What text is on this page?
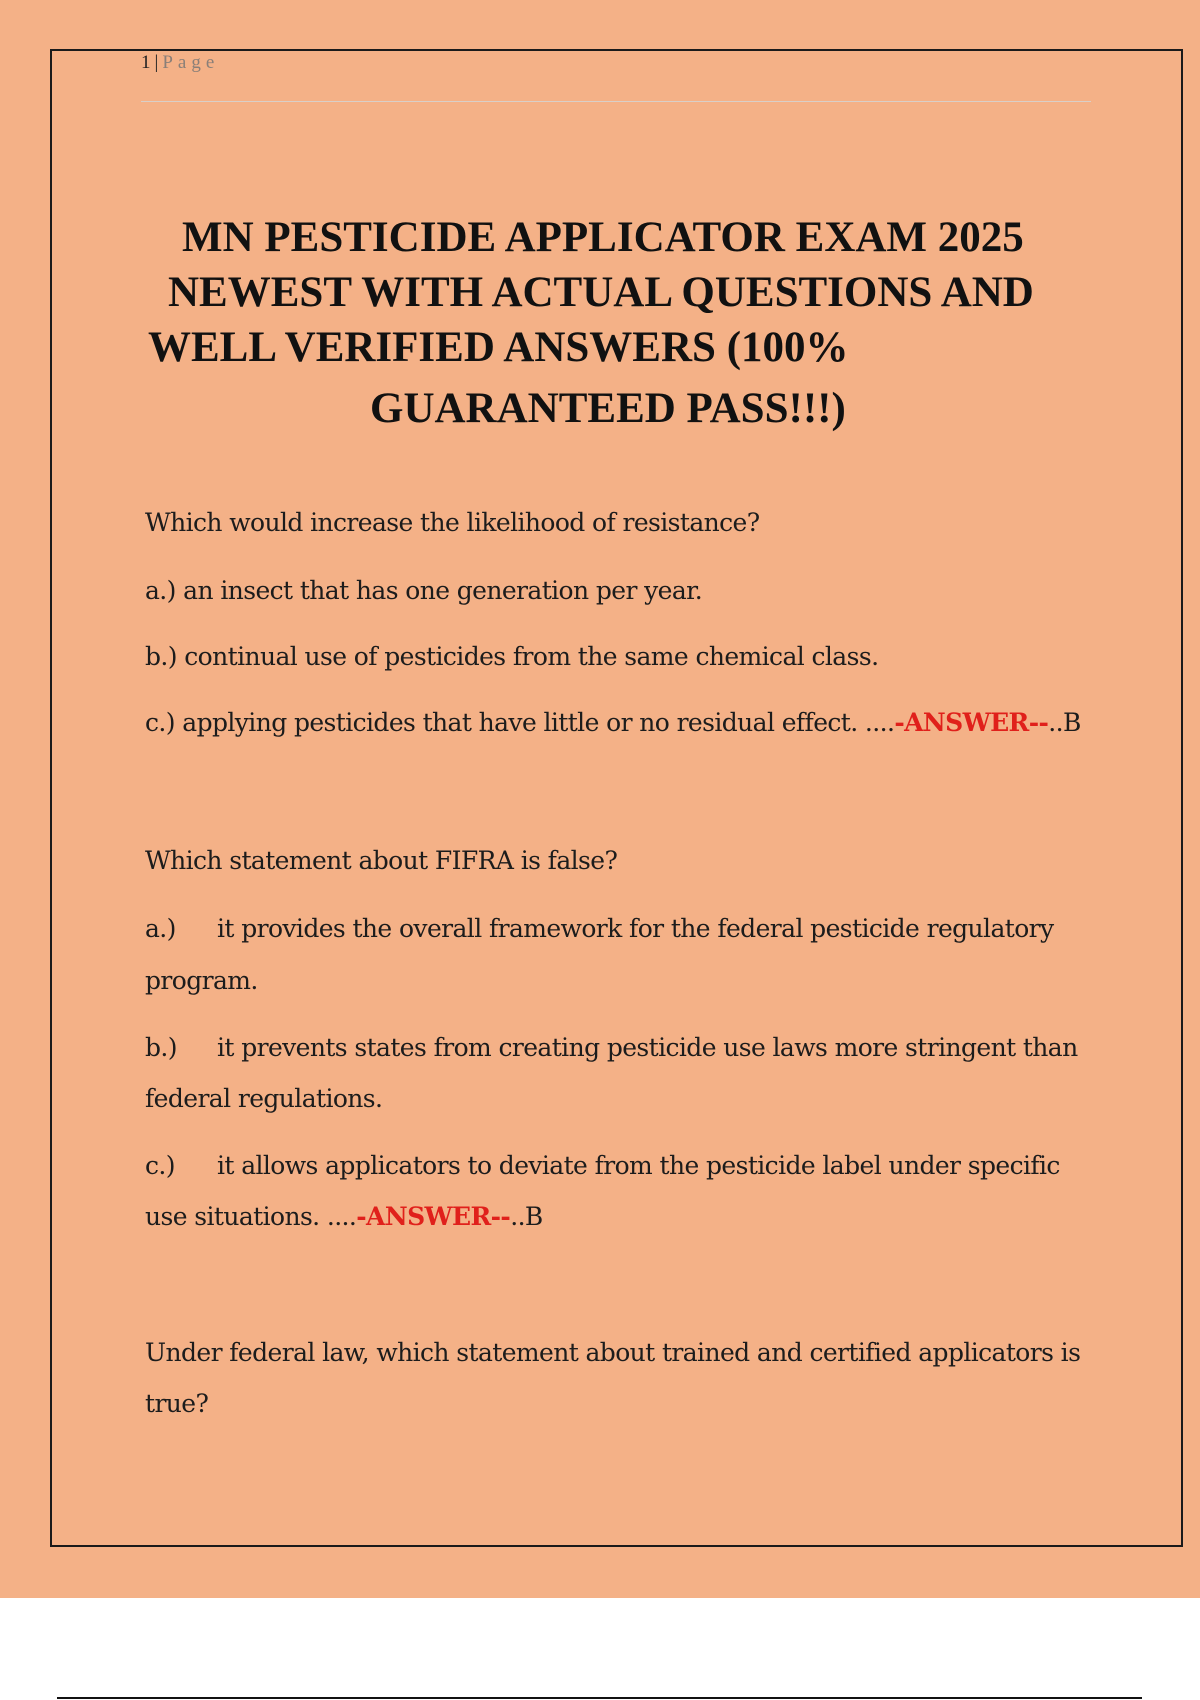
1 | Page
MN PESTICIDE APPLICATOR EXAM 2025
NEWEST WITH ACTUAL QUESTIONS AND
WELL VERIFIED ANSWERS (100%
GUARANTEED PASS!!!)
Which would increase the likelihood of resistance?
a.) an insect that has one generation per year.
b.) continual use of pesticides from the same chemical class.
c.) applying pesticides that have little or no residual effect. ....-ANSWER--..B
Which statement about FIFRA is false?
a.) it provides the overall framework for the federal pesticide regulatory
program.
b.) it prevents states from creating pesticide use laws more stringent than
federal regulations.
c.) it allows applicators to deviate from the pesticide label under specific
use situations. ....-ANSWER--..B
Under federal law, which statement about trained and certified applicators is
true?
